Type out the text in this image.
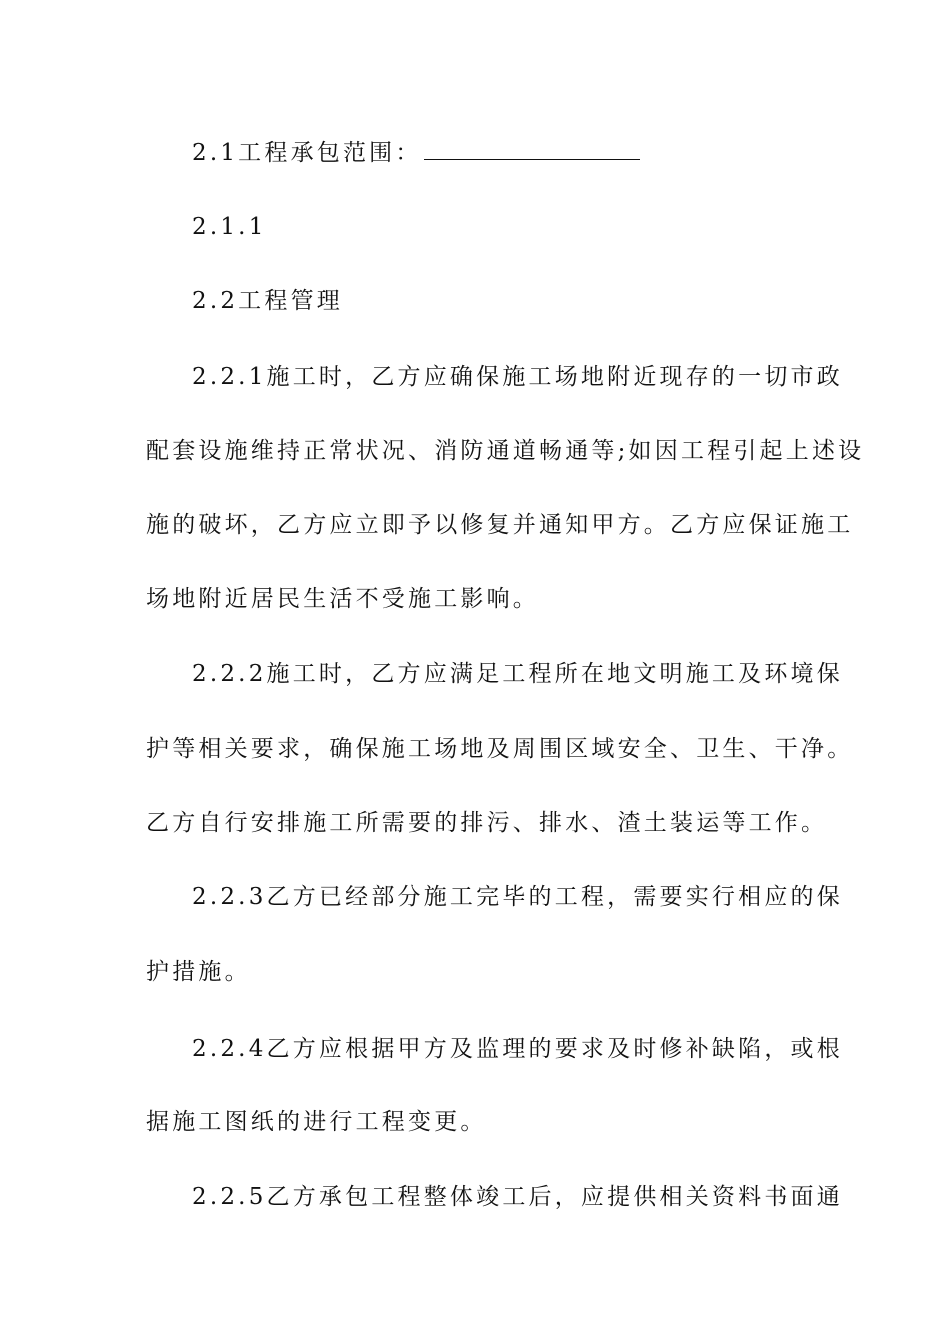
2.1工程承包范围：
2.1.1
2.2工程管理
2.2.1施工时，乙方应确保施工场地附近现存的一切市政
配套设施维持正常状况、消防通道畅通等;如因工程引起上述设
施的破坏，乙方应立即予以修复并通知甲方。乙方应保证施工
场地附近居民生活不受施工影响。
2.2.2施工时，乙方应满足工程所在地文明施工及环境保
护等相关要求，确保施工场地及周围区域安全、卫生、干净。
乙方自行安排施工所需要的排污、排水、渣土装运等工作。
2.2.3乙方已经部分施工完毕的工程，需要实行相应的保
护措施。
2.2.4乙方应根据甲方及监理的要求及时修补缺陷，或根
据施工图纸的进行工程变更。
2.2.5乙方承包工程整体竣工后，应提供相关资料书面通
